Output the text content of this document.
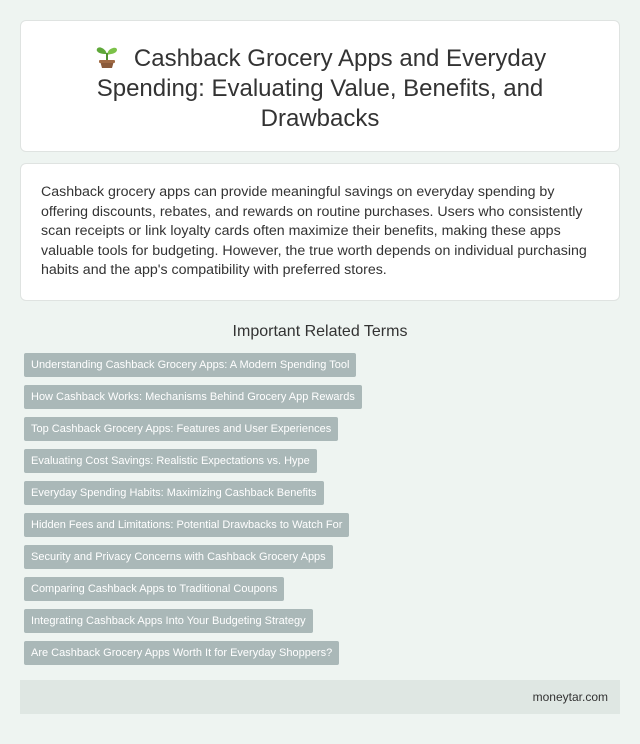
Cashback Grocery Apps and Everyday Spending: Evaluating Value, Benefits, and Drawbacks

Cashback grocery apps can provide meaningful savings on everyday spending by offering discounts, rebates, and rewards on routine purchases. Users who consistently scan receipts or link loyalty cards often maximize their benefits, making these apps valuable tools for budgeting. However, the true worth depends on individual purchasing habits and the app's compatibility with preferred stores.

Important Related Terms
Understanding Cashback Grocery Apps: A Modern Spending Tool
How Cashback Works: Mechanisms Behind Grocery App Rewards
Top Cashback Grocery Apps: Features and User Experiences
Evaluating Cost Savings: Realistic Expectations vs. Hype
Everyday Spending Habits: Maximizing Cashback Benefits
Hidden Fees and Limitations: Potential Drawbacks to Watch For
Security and Privacy Concerns with Cashback Grocery Apps
Comparing Cashback Apps to Traditional Coupons
Integrating Cashback Apps Into Your Budgeting Strategy
Are Cashback Grocery Apps Worth It for Everyday Shoppers?
moneytar.com
